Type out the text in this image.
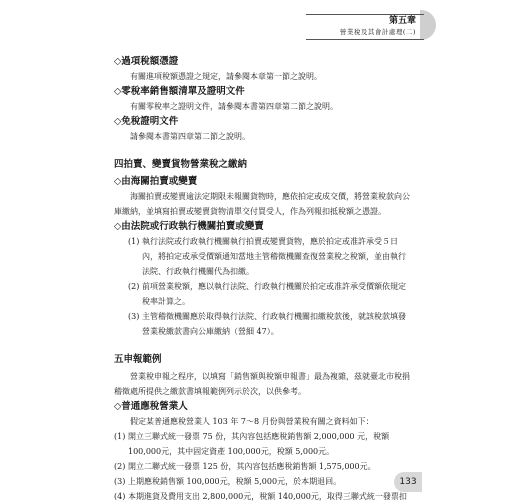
第五章
營業稅及其會計處理(二)
◇過項稅額憑證
有關進項稅額憑證之規定，請參閱本章第一節之說明。
◇零稅率銷售額清單及證明文件
有關零稅率之證明文件，請參閱本書第四章第二節之說明。
◇免稅證明文件
請參閱本書第四章第二節之說明。
四拍賣、變賣貨物營業稅之繳納
◇由海關拍賣或變賣
海關拍賣或變賣逾法定期限未報關貨物時，應依拍定或成交價，將營業稅款向公庫繳納，並填寫拍賣或變賣貨物清單交付買受人，作為列報扣抵稅額之憑證。
◇由法院或行政執行機關拍賣或變賣
(1) 執行法院或行政執行機關執行拍賣或變賣貨物，應於拍定或准許承受５日內，將拍定或承受價額通知當地主管稽徵機關查復營業稅之稅額，並由執行法院、行政執行機關代為扣繳。
(2) 前項營業稅額，應以執行法院、行政執行機關於拍定或准許承受價額依規定稅率計算之。
(3) 主管稽徵機關應於取得執行法院、行政執行機關扣繳稅款後，就該稅款填發營業稅繳款書向公庫繳納（營細 47）。
五申報範例
營業稅申報之程序，以填寫「銷售額與稅額申報書」最為複雜，茲就臺北市稅捐稽徵處所提供之繳款書填報範例列示於次，以供參考。
◇普通應稅營業人
假定某普通應稅營業人 103 年 7～8 月份與營業稅有關之資料如下：
(1) 開立三聯式統一發票 75 份，其內容包括應稅銷售額 2,000,000 元，稅額 100,000元，其中固定資產 100,000元，稅額 5,000元。
(2) 開立二聯式統一發票 125 份，其內容包括應稅銷售額 1,575,000元。
(3) 上期應稅銷售額 100,000元，稅額 5,000元，於本期退回。
(4) 本期進貨及費用支出 2,800,000元，稅額 140,000元，取得三聯式統一發票扣
133
